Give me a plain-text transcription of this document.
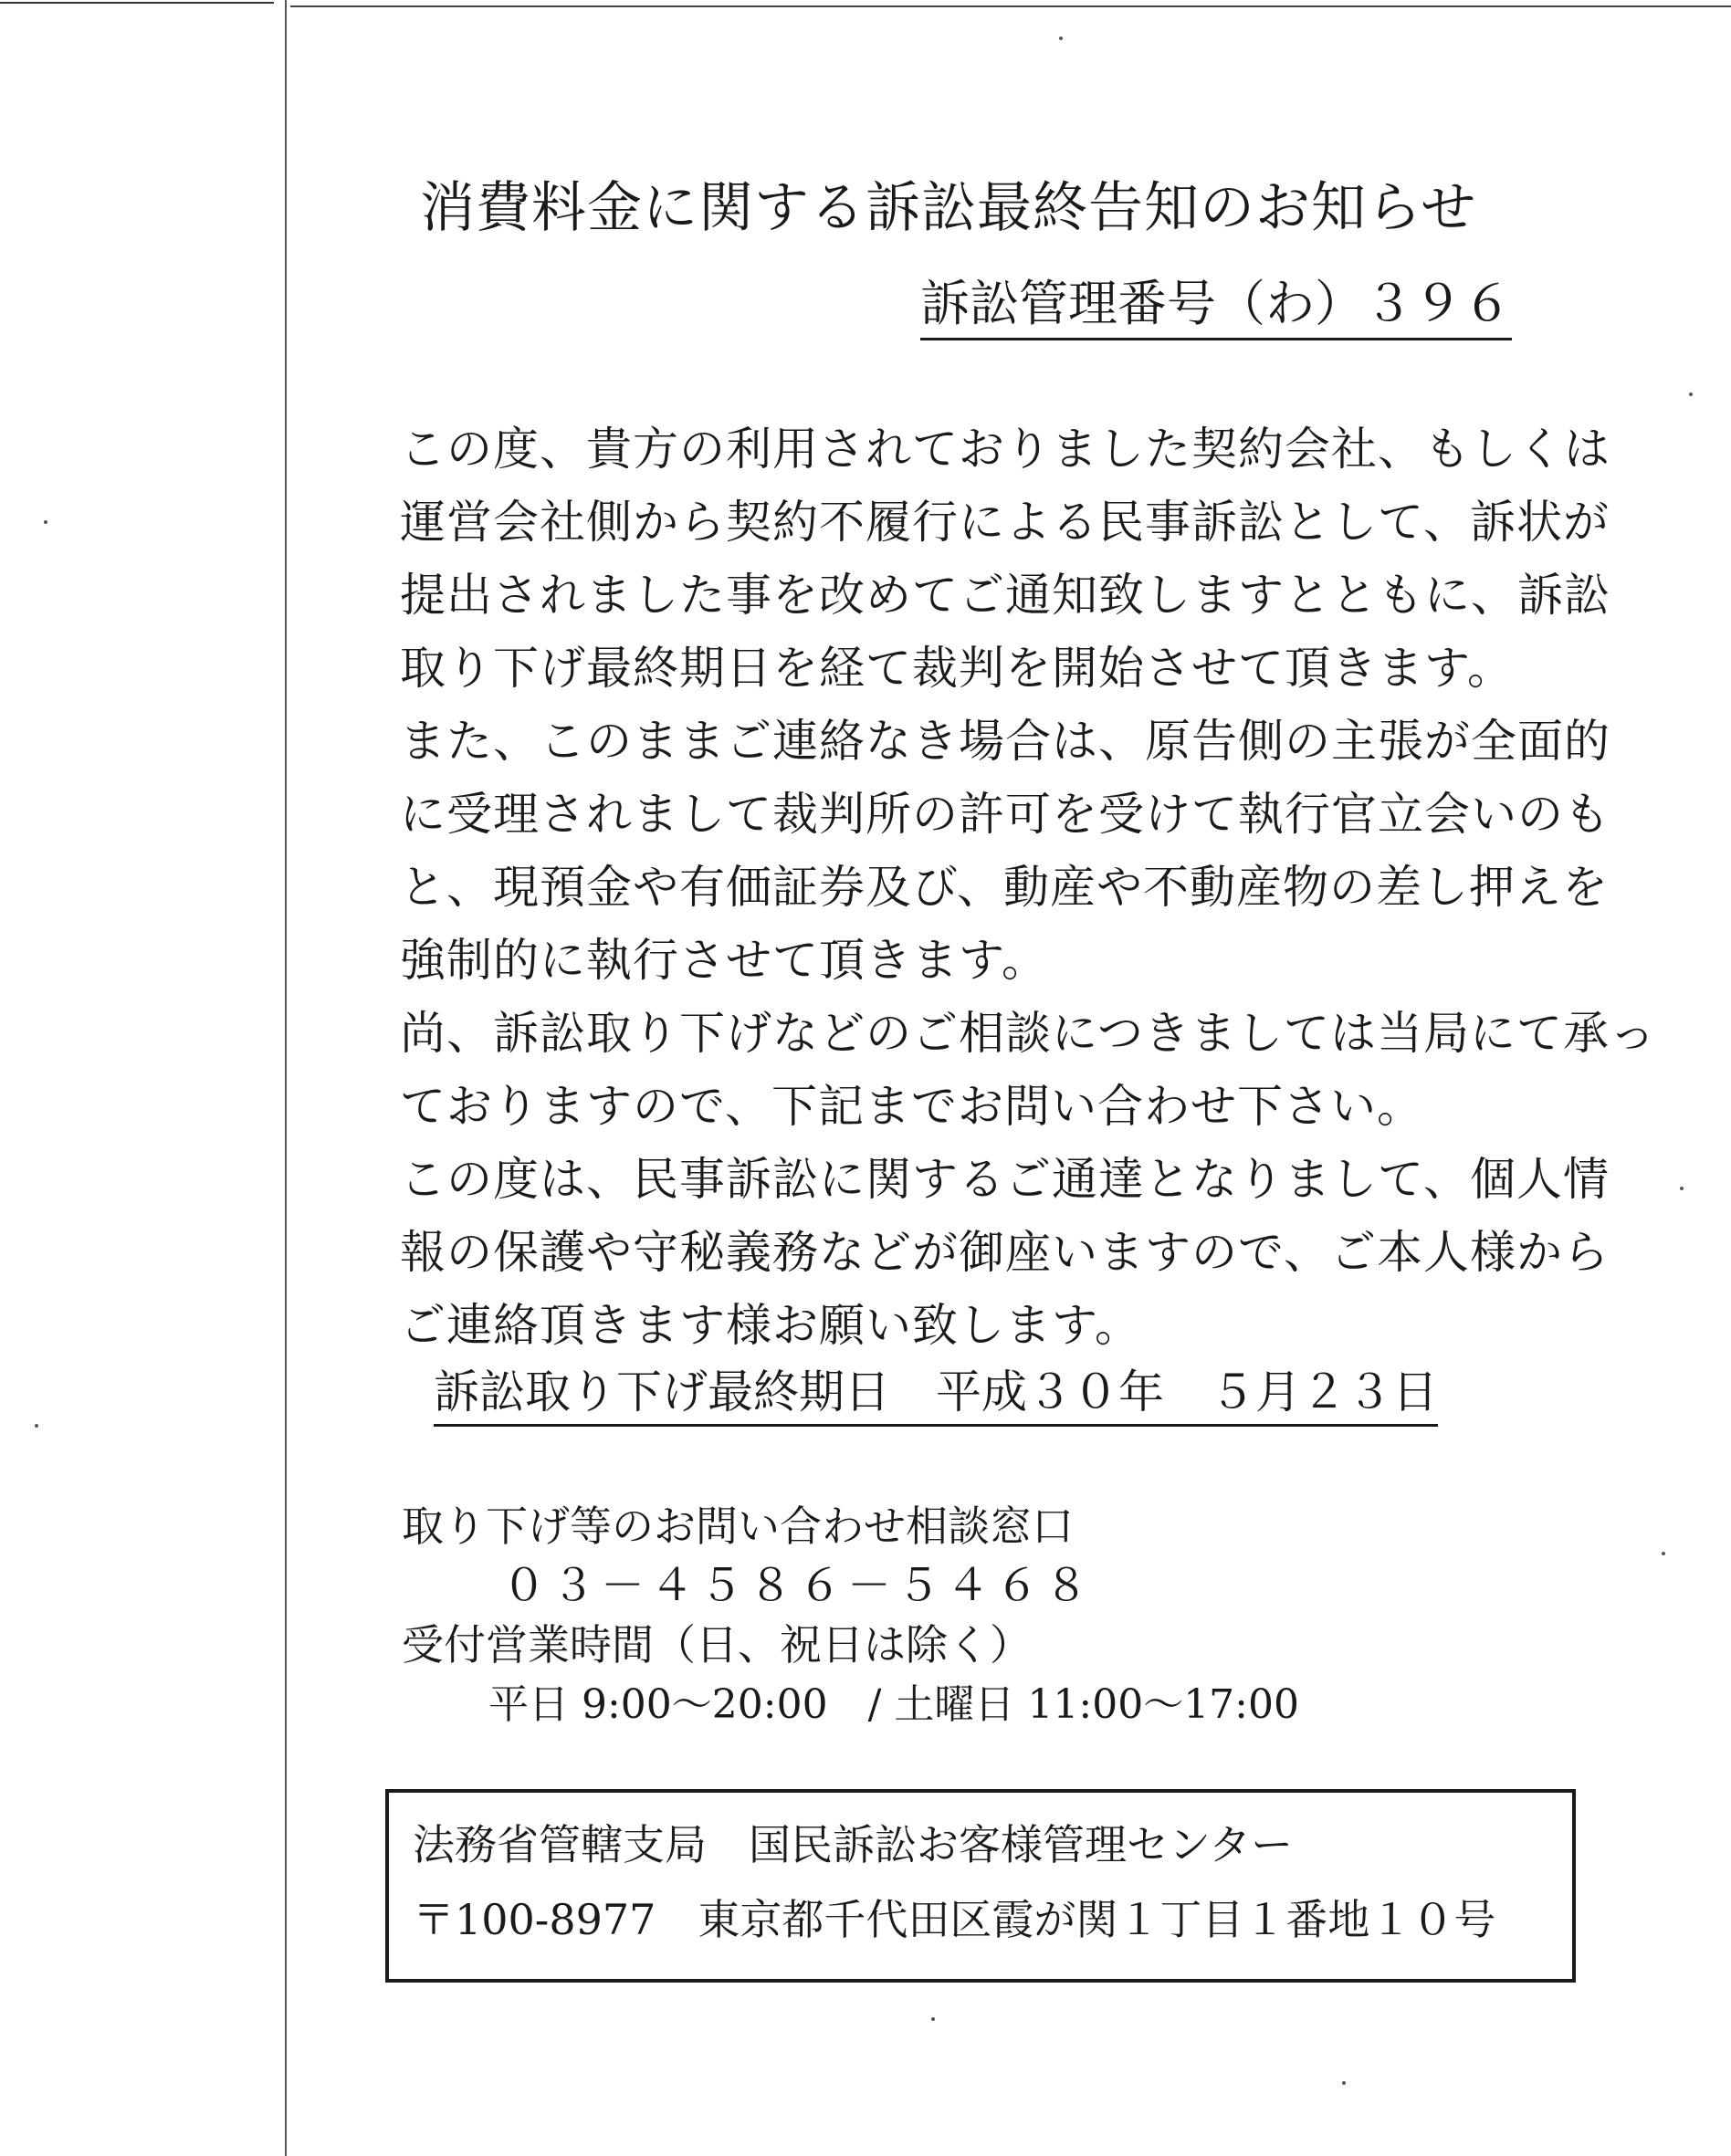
消費料金に関する訴訟最終告知のお知らせ
訴訟管理番号（わ）３９６
この度、貴方の利用されておりました契約会社、もしくは
運営会社側から契約不履行による民事訴訟として、訴状が
提出されました事を改めてご通知致しますとともに、訴訟
取り下げ最終期日を経て裁判を開始させて頂きます。
また、このままご連絡なき場合は、原告側の主張が全面的
に受理されまして裁判所の許可を受けて執行官立会いのも
と、現預金や有価証券及び、動産や不動産物の差し押えを
強制的に執行させて頂きます。
尚、訴訟取り下げなどのご相談につきましては当局にて承っ
ておりますので、下記までお問い合わせ下さい。
この度は、民事訴訟に関するご通達となりまして、個人情
報の保護や守秘義務などが御座いますので、ご本人様から
ご連絡頂きます様お願い致します。
訴訟取り下げ最終期日　平成３０年　５月２３日
取り下げ等のお問い合わせ相談窓口
０３－４５８６－５４６８
受付営業時間（日、祝日は除く）
平日 9:00～20:00　/ 土曜日 11:00～17:00
法務省管轄支局　国民訴訟お客様管理センター
〒100-8977　東京都千代田区霞が関１丁目１番地１０号
